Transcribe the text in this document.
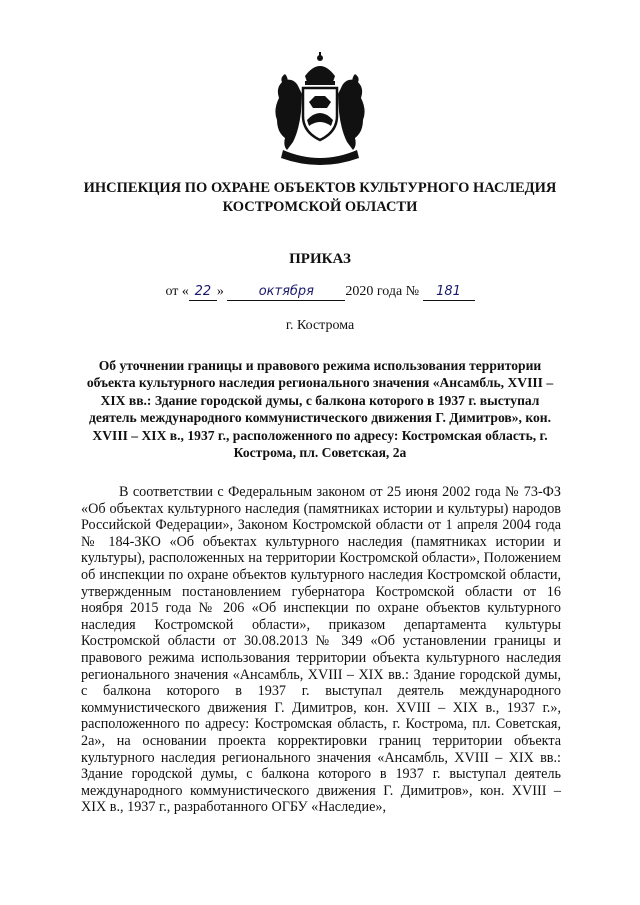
ИНСПЕКЦИЯ ПО ОХРАНЕ ОБЪЕКТОВ КУЛЬТУРНОГО НАСЛЕДИЯ КОСТРОМСКОЙ ОБЛАСТИ
ПРИКАЗ
от « 22 »	октября 2020 года № 181
г. Кострома
Об уточнении границы и правового режима использования территории объекта культурного наследия регионального значения «Ансамбль, XVIII – XIX вв.: Здание городской думы, с балкона которого в 1937 г. выступал деятель международного коммунистического движения Г. Димитров», кон. XVIII – XIX в., 1937 г., расположенного по адресу: Костромская область, г. Кострома, пл. Советская, 2а
В соответствии с Федеральным законом от 25 июня 2002 года № 73-ФЗ «Об объектах культурного наследия (памятниках истории и культуры) народов Российской Федерации», Законом Костромской области от 1 апреля 2004 года № 184-ЗКО «Об объектах культурного наследия (памятниках истории и культуры), расположенных на территории Костромской области», Положением об инспекции по охране объектов культурного наследия Костромской области, утвержденным постановлением губернатора Костромской области от 16 ноября 2015 года № 206 «Об инспекции по охране объектов культурного наследия Костромской области», приказом департамента культуры Костромской области от 30.08.2013 № 349 «Об установлении границы и правового режима использования территории объекта культурного наследия регионального значения «Ансамбль, XVIII – XIX вв.: Здание городской думы, с балкона которого в 1937 г. выступал деятель международного коммунистического движения Г. Димитров, кон. XVIII – XIX в., 1937 г.», расположенного по адресу: Костромская область, г. Кострома, пл. Советская, 2а», на основании проекта корректировки границ территории объекта культурного наследия регионального значения «Ансамбль, XVIII – XIX вв.: Здание городской думы, с балкона которого в 1937 г. выступал деятель международного коммунистического движения Г. Димитров», кон. XVIII – XIX в., 1937 г., разработанного ОГБУ «Наследие»,
